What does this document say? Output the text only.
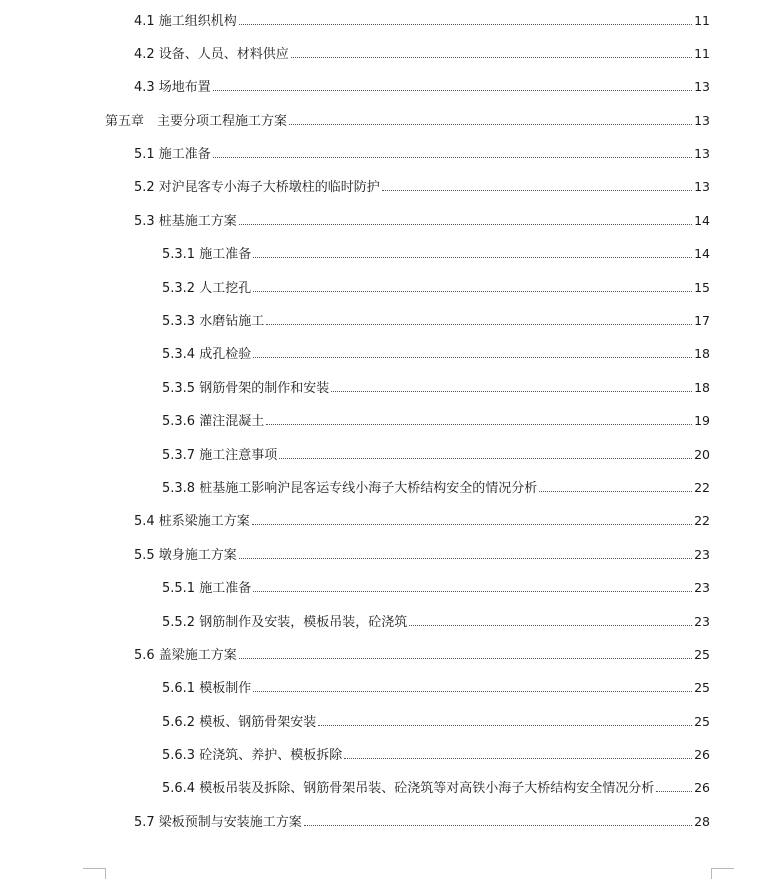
4.1 施工组织机构	11
4.2 设备、人员、材料供应	11
4.3 场地布置	13
第五章　主要分项工程施工方案	13
5.1 施工准备	13
5.2 对沪昆客专小海子大桥墩柱的临时防护	13
5.3 桩基施工方案	14
5.3.1 施工准备	14
5.3.2 人工挖孔	15
5.3.3 水磨钻施工	17
5.3.4 成孔检验	18
5.3.5 钢筋骨架的制作和安装	18
5.3.6 灌注混凝土	19
5.3.7 施工注意事项	20
5.3.8 桩基施工影响沪昆客运专线小海子大桥结构安全的情况分析	22
5.4 桩系梁施工方案	22
5.5 墩身施工方案	23
5.5.1 施工准备	23
5.5.2 钢筋制作及安装，模板吊装，砼浇筑	23
5.6 盖梁施工方案	25
5.6.1 模板制作	25
5.6.2 模板、钢筋骨架安装	25
5.6.3 砼浇筑、养护、模板拆除	26
5.6.4 模板吊装及拆除、钢筋骨架吊装、砼浇筑等对高铁小海子大桥结构安全情况分析	26
5.7 梁板预制与安装施工方案	28
